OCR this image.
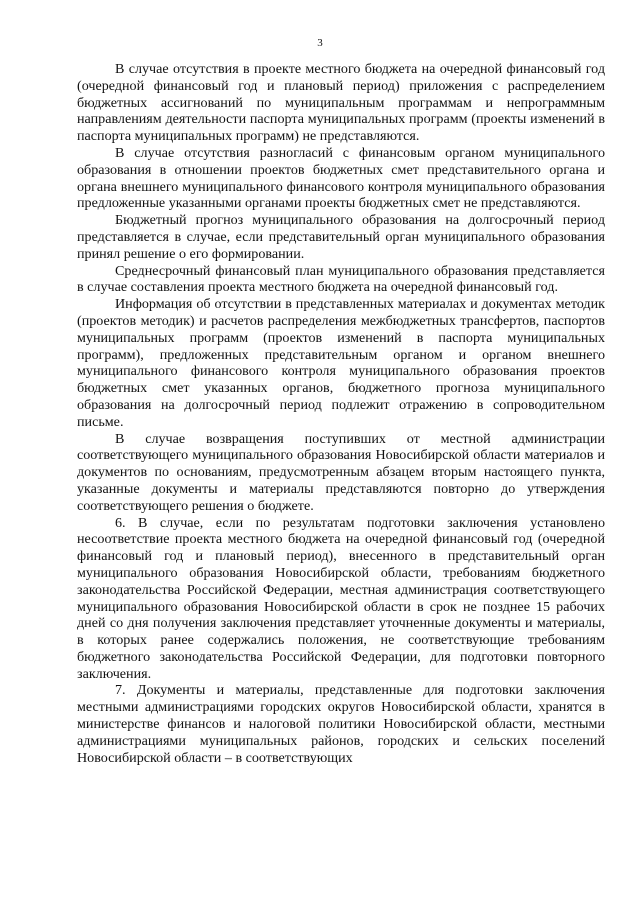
3

В случае отсутствия в проекте местного бюджета на очередной финансовый год (очередной финансовый год и плановый период) приложения с распределением бюджетных ассигнований по муниципальным программам и непрограммным направлениям деятельности паспорта муниципальных программ (проекты изменений в паспорта муниципальных программ) не представляются.

В случае отсутствия разногласий с финансовым органом муниципального образования в отношении проектов бюджетных смет представительного органа и органа внешнего муниципального финансового контроля муниципального образования предложенные указанными органами проекты бюджетных смет не представляются.

Бюджетный прогноз муниципального образования на долгосрочный период представляется в случае, если представительный орган муниципального образования принял решение о его формировании.

Среднесрочный финансовый план муниципального образования представляется в случае составления проекта местного бюджета на очередной финансовый год.

Информация об отсутствии в представленных материалах и документах методик (проектов методик) и расчетов распределения межбюджетных трансфертов, паспортов муниципальных программ (проектов изменений в паспорта муниципальных программ), предложенных представительным органом и органом внешнего муниципального финансового контроля муниципального образования проектов бюджетных смет указанных органов, бюджетного прогноза муниципального образования на долгосрочный период подлежит отражению в сопроводительном письме.

В случае возвращения поступивших от местной администрации соответствующего муниципального образования Новосибирской области материалов и документов по основаниям, предусмотренным абзацем вторым настоящего пункта, указанные документы и материалы представляются повторно до утверждения соответствующего решения о бюджете.

6. В случае, если по результатам подготовки заключения установлено несоответствие проекта местного бюджета на очередной финансовый год (очередной финансовый год и плановый период), внесенного в представительный орган муниципального образования Новосибирской области, требованиям бюджетного законодательства Российской Федерации, местная администрация соответствующего муниципального образования Новосибирской области в срок не позднее 15 рабочих дней со дня получения заключения представляет уточненные документы и материалы, в которых ранее содержались положения, не соответствующие требованиям бюджетного законодательства Российской Федерации, для подготовки повторного заключения.

7. Документы и материалы, представленные для подготовки заключения местными администрациями городских округов Новосибирской области, хранятся в министерстве финансов и налоговой политики Новосибирской области, местными администрациями муниципальных районов, городских и сельских поселений Новосибирской области – в соответствующих
